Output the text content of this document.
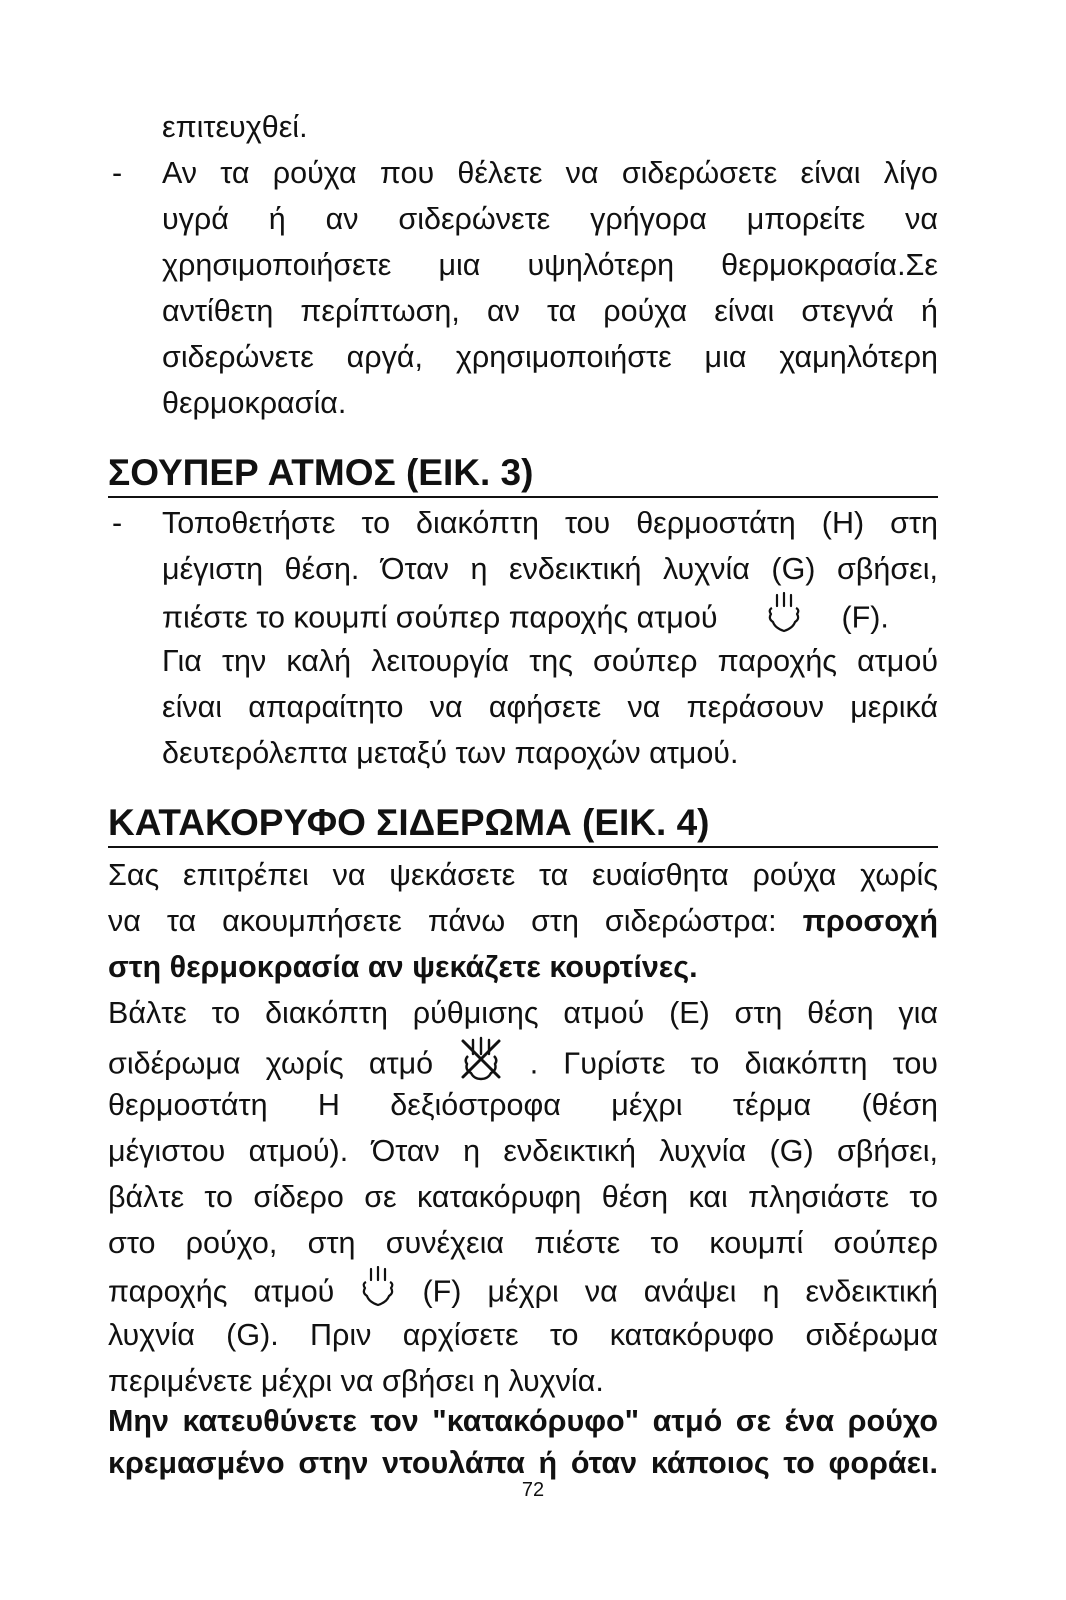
επιτευχθεί.

- Αν τα ρούχα που θέλετε να σιδερώσετε είναι λίγο

υγρά ή αν σιδερώνετε γρήγορα μπορείτε να

χρησιμοποιήσετε μια υψηλότερη θερμοκρασία.Σε

αντίθετη περίπτωση, αν τα ρούχα είναι στεγνά ή

σιδερώνετε αργά, χρησιμοποιήστε μια χαμηλότερη

θερμοκρασία.

ΣΟΥΠΕΡ ΑΤΜΟΣ (ΕΙΚ. 3)
- Τοποθετήστε το διακόπτη του θερμοστάτη (H) στη

μέγιστη θέση. Όταν η ενδεικτική λυχνία (G) σβήσει,

πιέστε το κουμπί σούπερ παροχής ατμού	(F).

Για την καλή λειτουργία της σούπερ παροχής ατμού

είναι απαραίτητο να αφήσετε να περάσουν μερικά

δευτερόλεπτα μεταξύ των παροχών ατμού.

ΚΑΤΑΚΟΡΥΦΟ ΣΙΔΕΡΩΜΑ (ΕΙΚ. 4)

Σας επιτρέπει να ψεκάσετε τα ευαίσθητα ρούχα χωρίς

να τα ακουμπήσετε πάνω στη σιδερώστρα: προσοχή

στη θερμοκρασία αν ψεκάζετε κουρτίνες.

Βάλτε το διακόπτη ρύθμισης ατμού (E) στη θέση για

σιδέρωμα χωρίς ατμό	. Γυρίστε το διακόπτη του

θερμοστάτη H δεξιόστροφα μέχρι τέρμα (θέση

μέγιστου ατμού). Όταν η ενδεικτική λυχνία (G) σβήσει,

βάλτε το σίδερο σε κατακόρυφη θέση και πλησιάστε το

στο ρούχο, στη συνέχεια πιέστε το κουμπί σούπερ

παροχής ατμού	(F) μέχρι να ανάψει η ενδεικτική

λυχνία (G). Πριν αρχίσετε το κατακόρυφο σιδέρωμα

περιμένετε μέχρι να σβήσει η λυχνία.

Μην κατευθύνετε τον "κατακόρυφο" ατμό σε ένα ρούχο

κρεμασμένο στην ντουλάπα ή όταν κάποιος το φοράει.

72
